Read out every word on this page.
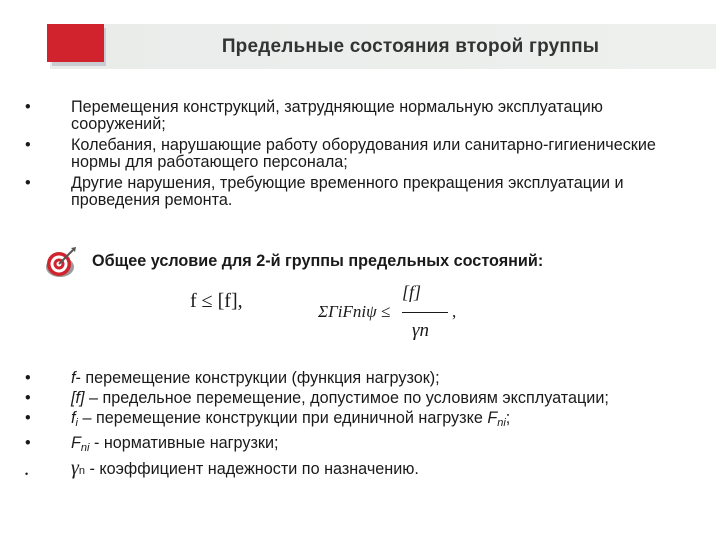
Предельные состояния второй группы
•	Перемещения конструкций, затрудняющие нормальную эксплуатацию сооружений;
•	Колебания, нарушающие работу оборудования или санитарно-гигиенические нормы для работающего персонала;
•	Другие нарушения, требующие временного прекращения эксплуатации и проведения ремонта.
Общее условие для 2-й группы предельных состояний:
f ≤ [f],	ΣΓiFniψ ≤
[f]
γn
,
•	f- перемещение конструкции (функция нагрузок);
•	[f] – предельное перемещение, допустимое по условиям эксплуатации;
•	$f_i$ – перемещение конструкции при единичной нагрузке $F_{ni}$;
•	$F_{ni}$ - нормативные нагрузки;
•	γn - коэффициент надежности по назначению.
